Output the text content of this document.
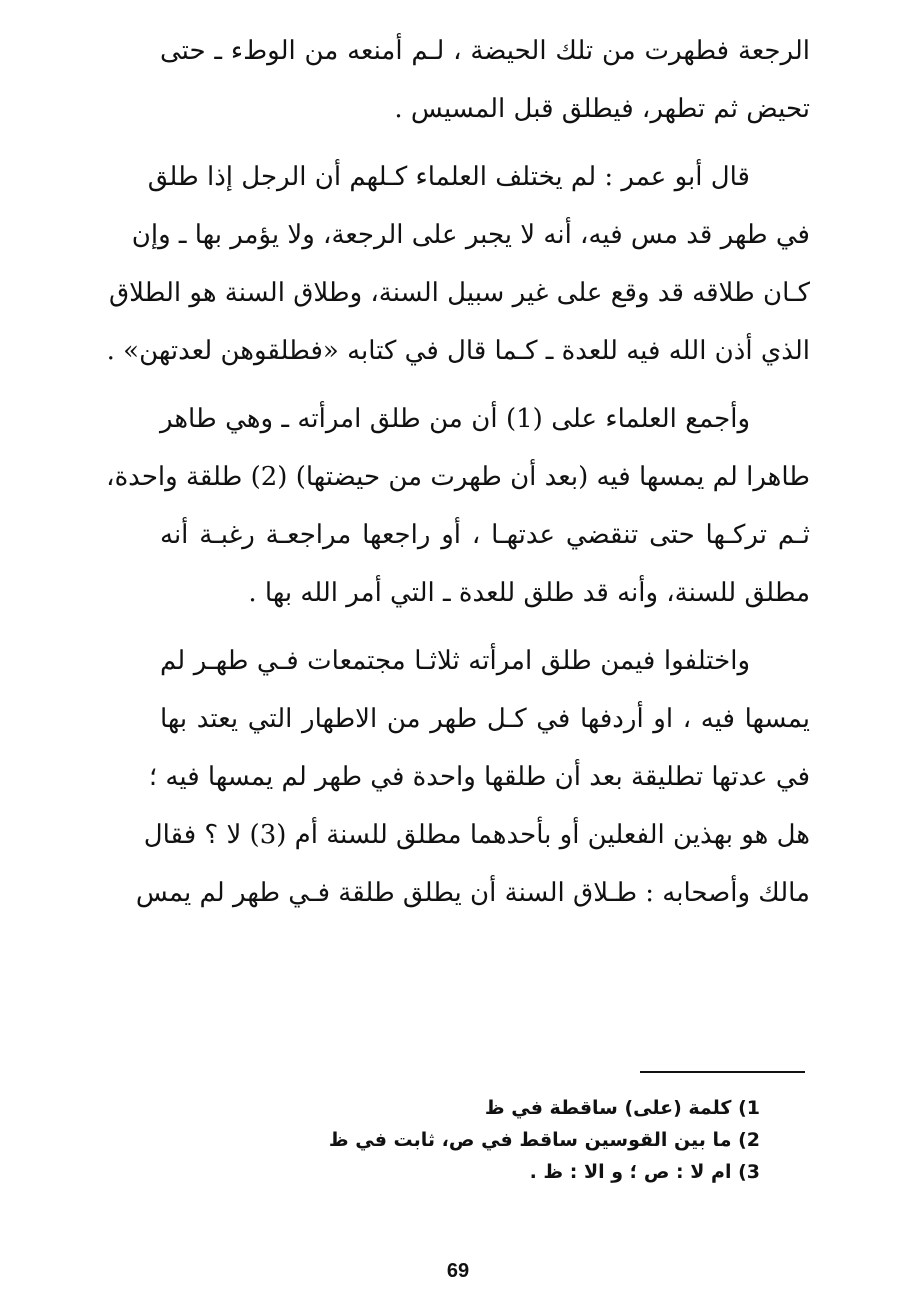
الرجعة فطهرت من تلك الحيضة ، لـم أمنعه من الوطء ـ حتى
تحيض ثم تطهر، فيطلق قبل المسيس .
قال أبو عمر : لم يختلف العلماء كـلهم أن الرجل إذا طلق
في طهر قد مس فيه، أنه لا يجبر على الرجعة، ولا يؤمر بها ـ وإن
كـان طلاقه قد وقع على غير سبيل السنة، وطلاق السنة هو الطلاق
الذي أذن الله فيه للعدة ـ كـما قال في كتابه «فطلقوهن لعدتهن» .
وأجمع العلماء على (1) أن من طلق امرأته ـ وهي طاهر
طاهرا لم يمسها فيه (بعد أن طهرت من حيضتها) (2) طلقة واحدة،
ثـم تركـها حتى تنقضي عدتهـا ، أو راجعها مراجعـة رغبـة أنه
مطلق للسنة، وأنه قد طلق للعدة ـ التي أمر الله بها .
واختلفوا فيمن طلق امرأته ثلاثـا مجتمعات فـي طهـر لم
يمسها فيه ، او أردفها في كـل طهر من الاطهار التي يعتد بها
في عدتها تطليقة بعد أن طلقها واحدة في طهر لم يمسها فيه ؛
هل هو بهذين الفعلين أو بأحدهما مطلق للسنة أم (3) لا ؟ فقال
مالك وأصحابه : طـلاق السنة أن يطلق طلقة فـي طهر لم يمس
1) كلمة (على) ساقطة في ظ
2) ما بين القوسين ساقط في ص، ثابت في ظ
3) ام لا : ص ؛ و الا : ظ .
69
